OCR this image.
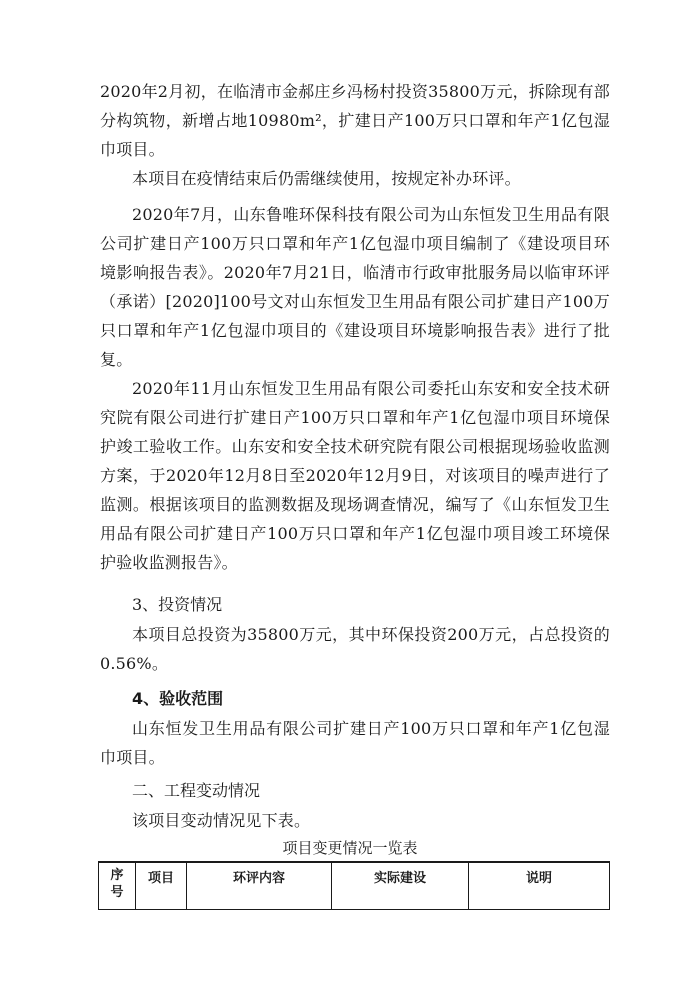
2020年2月初，在临清市金郝庄乡冯杨村投资35800万元，拆除现有部分构筑物，新增占地10980m²，扩建日产100万只口罩和年产1亿包湿巾项目。

本项目在疫情结束后仍需继续使用，按规定补办环评。

2020年7月，山东鲁唯环保科技有限公司为山东恒发卫生用品有限公司扩建日产100万只口罩和年产1亿包湿巾项目编制了《建设项目环境影响报告表》。2020年7月21日，临清市行政审批服务局以临审环评（承诺）[2020]100号文对山东恒发卫生用品有限公司扩建日产100万只口罩和年产1亿包湿巾项目的《建设项目环境影响报告表》进行了批复。

2020年11月山东恒发卫生用品有限公司委托山东安和安全技术研究院有限公司进行扩建日产100万只口罩和年产1亿包湿巾项目环境保护竣工验收工作。山东安和安全技术研究院有限公司根据现场验收监测方案，于2020年12月8日至2020年12月9日，对该项目的噪声进行了监测。根据该项目的监测数据及现场调查情况，编写了《山东恒发卫生用品有限公司扩建日产100万只口罩和年产1亿包湿巾项目竣工环境保护验收监测报告》。

3、投资情况

本项目总投资为35800万元，其中环保投资200万元，占总投资的0.56%。

4、验收范围

山东恒发卫生用品有限公司扩建日产100万只口罩和年产1亿包湿巾项目。

二、工程变动情况

该项目变动情况见下表。

项目变更情况一览表

序
号
	项目	环评内容	实际建设	说明
